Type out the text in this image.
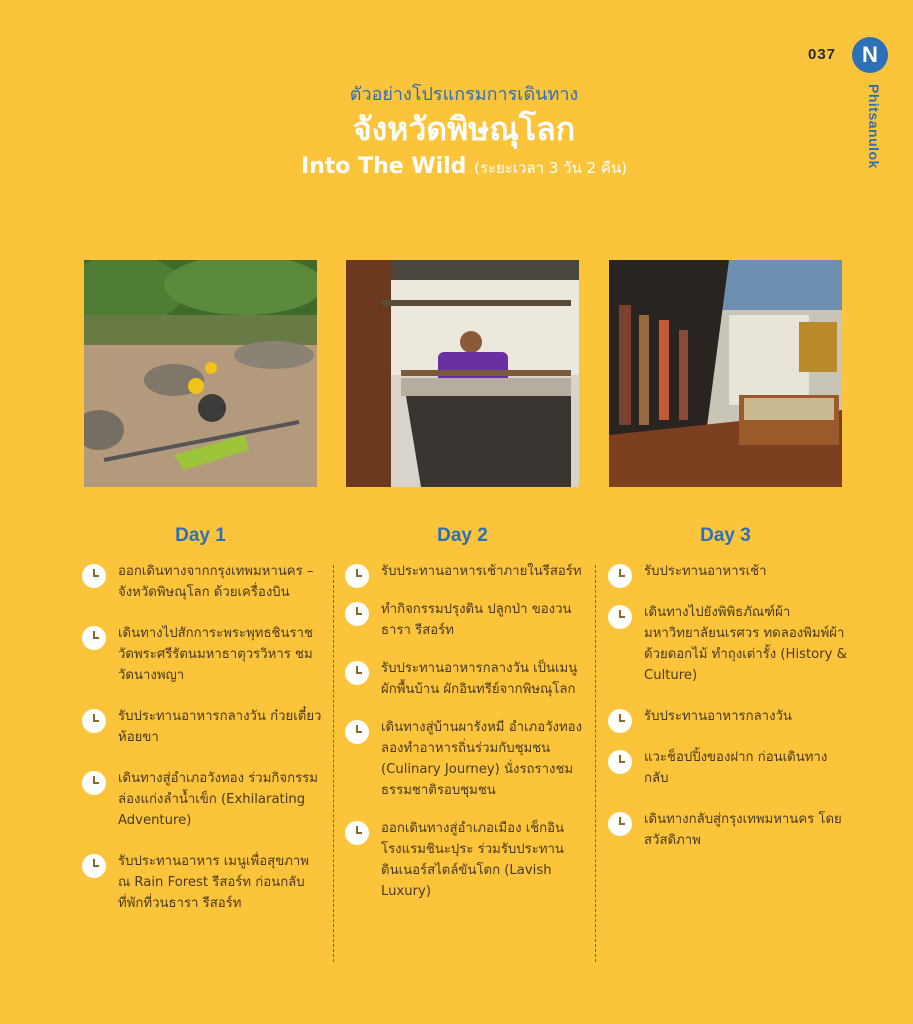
037	N
Phitsanulok
ตัวอย่างโปรแกรมการเดินทาง
จังหวัดพิษณุโลก
Into The Wild (ระยะเวลา 3 วัน 2 คืน)
Day 1	Day 2	Day 3
ออกเดินทางจากกรุงเทพมหานคร – จังหวัดพิษณุโลก ด้วยเครื่องบิน
เดินทางไปสักการะพระพุทธชินราช วัดพระศรีรัตนมหาธาตุวรวิหาร ชมวัดนางพญา
รับประทานอาหารกลางวัน ก๋วยเตี๋ยวห้อยขา
เดินทางสู่อำเภอวังทอง ร่วมกิจกรรมล่องแก่งลำน้ำเข็ก (Exhilarating Adventure)
รับประทานอาหาร เมนูเพื่อสุขภาพ ณ Rain Forest รีสอร์ท ก่อนกลับที่พักที่วนธารา รีสอร์ท
รับประทานอาหารเช้าภายในรีสอร์ท
ทำกิจกรรมปรุงดิน ปลูกป่า ของวนธารา รีสอร์ท
รับประทานอาหารกลางวัน เป็นเมนูผักพื้นบ้าน ผักอินทรีย์จากพิษณุโลก
เดินทางสู่บ้านผารังหมี อำเภอวังทอง ลองทำอาหารถิ่นร่วมกับชุมชน (Culinary Journey) นั่งรถรางชมธรรมชาติรอบชุมชน
ออกเดินทางสู่อำเภอเมือง เช็กอินโรงแรมชินะปุระ ร่วมรับประทานดินเนอร์สไตล์ขันโตก (Lavish Luxury)
รับประทานอาหารเช้า
เดินทางไปยังพิพิธภัณฑ์ผ้า มหาวิทยาลัยนเรศวร ทดลองพิมพ์ผ้าด้วยดอกไม้ ทำถุงเต่ารั้ง (History & Culture)
รับประทานอาหารกลางวัน
แวะช็อปปิ้งของฝาก ก่อนเดินทางกลับ
เดินทางกลับสู่กรุงเทพมหานคร โดยสวัสดิภาพ
